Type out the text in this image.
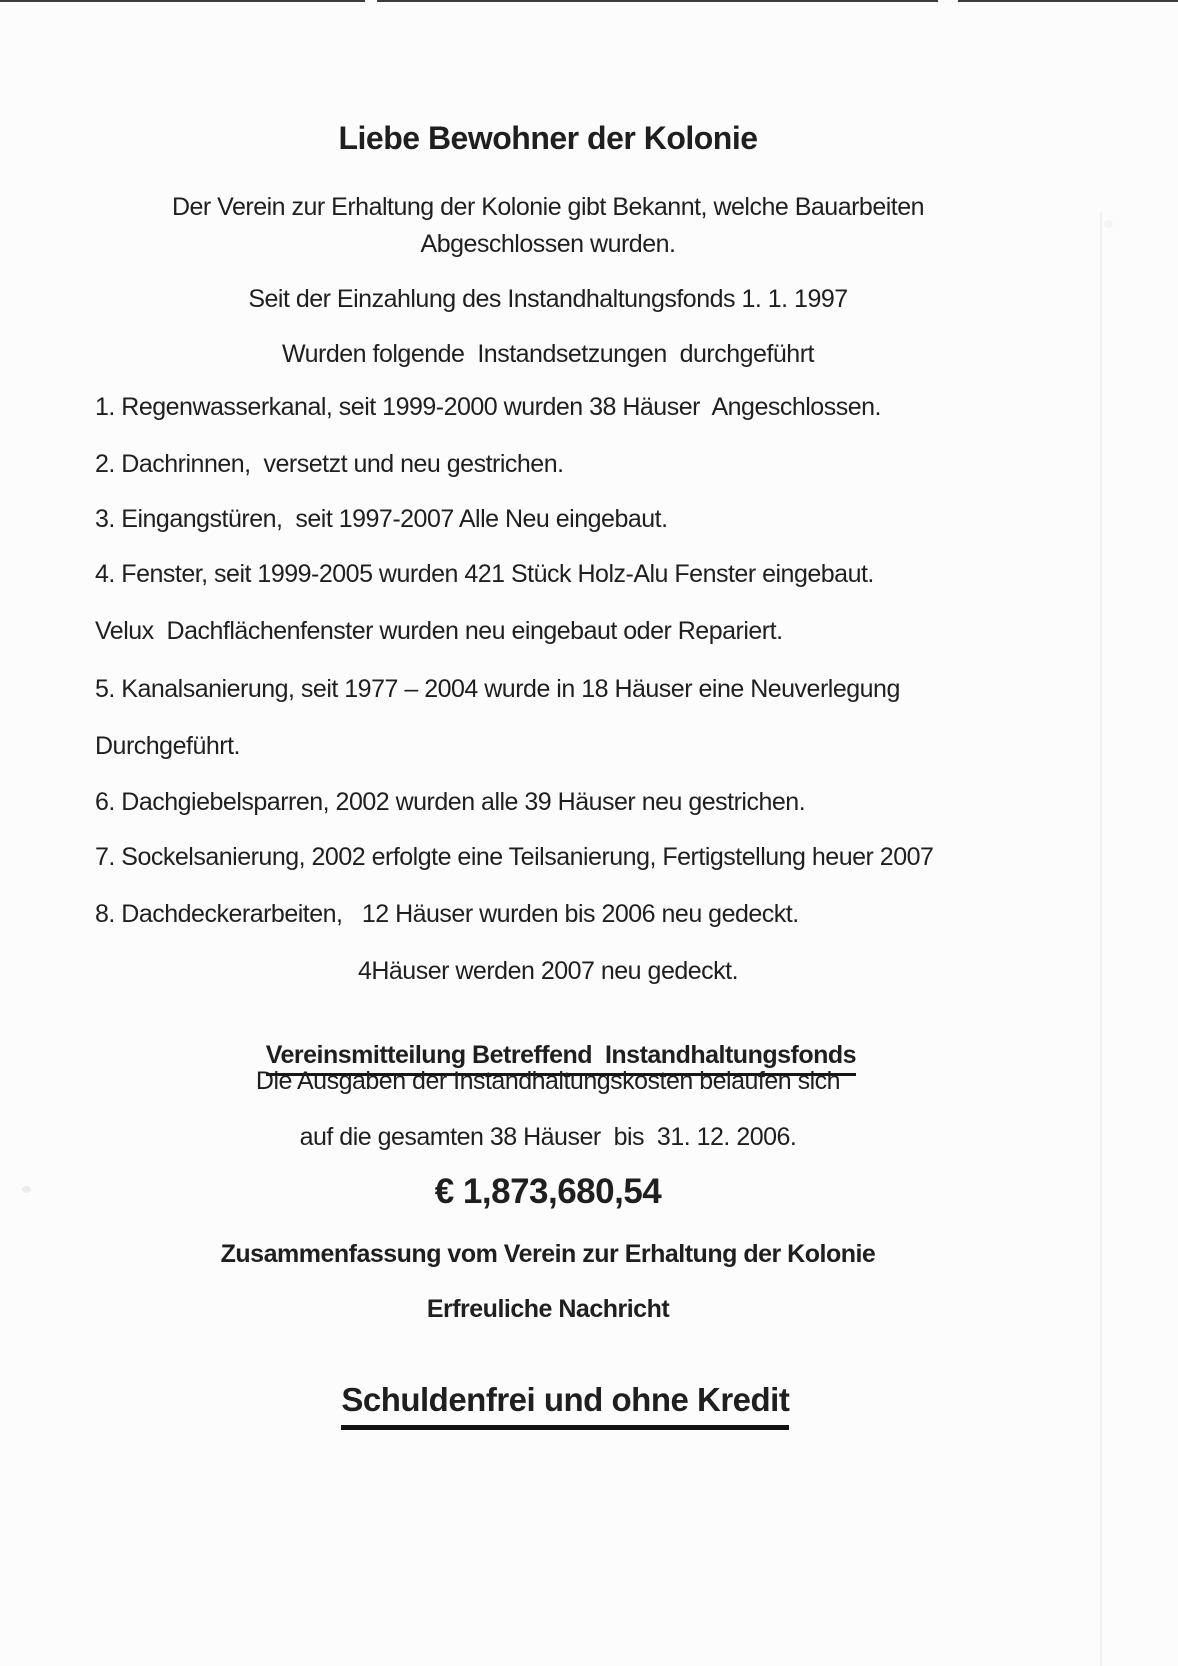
Liebe Bewohner der Kolonie

Der Verein zur Erhaltung der Kolonie gibt Bekannt, welche Bauarbeiten

Abgeschlossen wurden.

Seit der Einzahlung des Instandhaltungsfonds 1. 1. 1997

Wurden folgende  Instandsetzungen  durchgeführt

1. Regenwasserkanal, seit 1999-2000 wurden 38 Häuser  Angeschlossen.

2. Dachrinnen,  versetzt und neu gestrichen.

3. Eingangstüren,  seit 1997-2007 Alle Neu eingebaut.

4. Fenster, seit 1999-2005 wurden 421 Stück Holz-Alu Fenster eingebaut.

Velux  Dachflächenfenster wurden neu eingebaut oder Repariert.

5. Kanalsanierung, seit 1977 – 2004 wurde in 18 Häuser eine Neuverlegung

Durchgeführt.

6. Dachgiebelsparren, 2002 wurden alle 39 Häuser neu gestrichen.

7. Sockelsanierung, 2002 erfolgte eine Teilsanierung, Fertigstellung heuer 2007

8. Dachdeckerarbeiten,   12 Häuser wurden bis 2006 neu gedeckt.

4Häuser werden 2007 neu gedeckt.

Vereinsmitteilung Betreffend  Instandhaltungsfonds

Die Ausgaben der Instandhaltungskosten belaufen sich

auf die gesamten 38 Häuser  bis  31. 12. 2006.

€ 1,873,680,54

Zusammenfassung vom Verein zur Erhaltung der Kolonie

Erfreuliche Nachricht

Schuldenfrei und ohne Kredit
